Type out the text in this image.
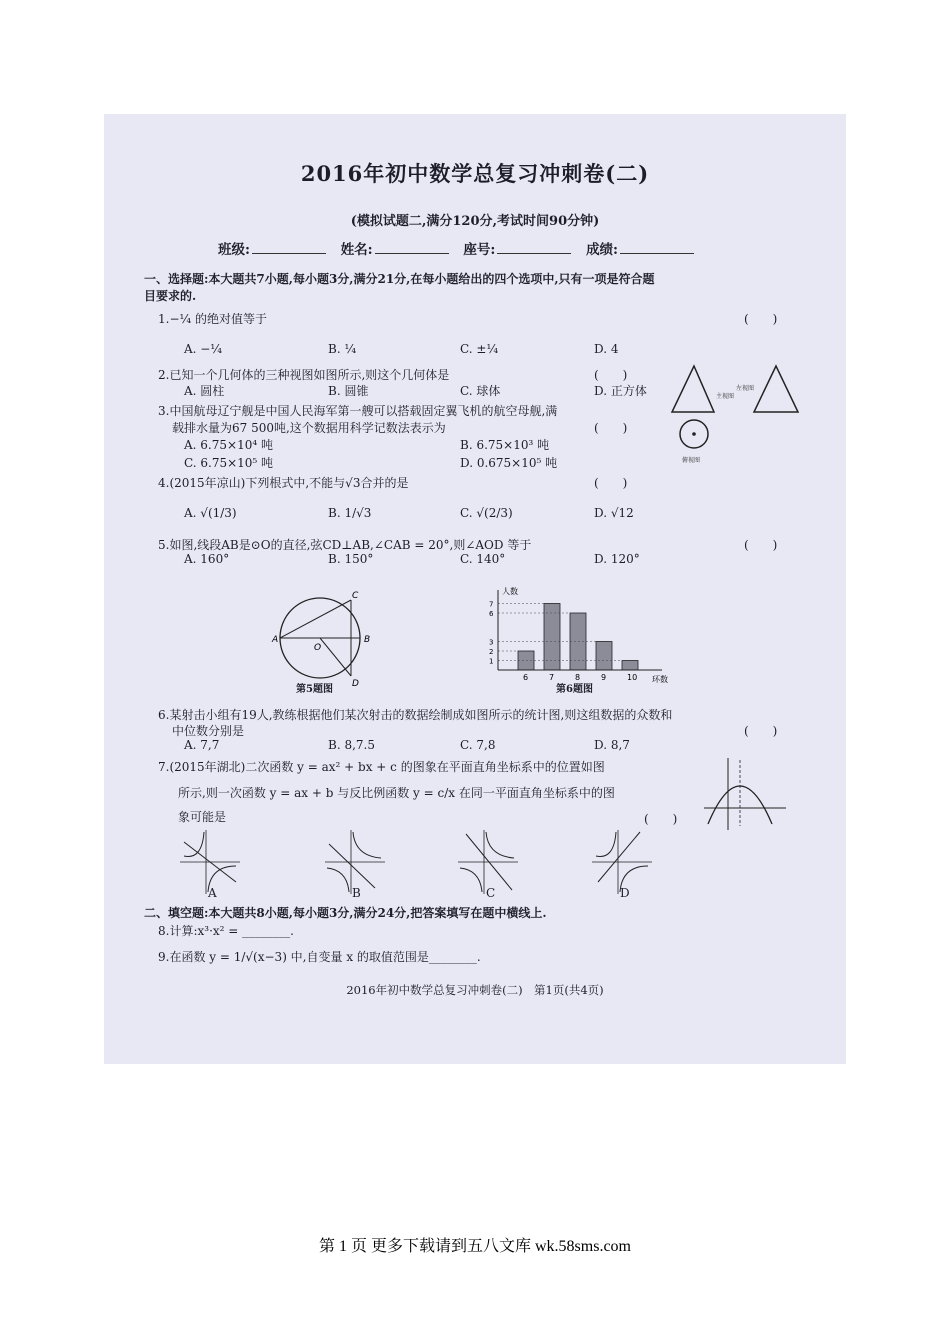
2016年初中数学总复习冲刺卷(二)
(模拟试题二,满分120分,考试时间90分钟)
班级:	姓名:	座号:	成绩:
一、选择题:本大题共7小题,每小题3分,满分21分,在每小题给出的四个选项中,只有一项是符合题
目要求的.
1.−¼ 的绝对值等于	(　　)
A. −¼	B. ¼	C. ±¼	D. 4
2.已知一个几何体的三种视图如图所示,则这个几何体是	(　　)
A. 圆柱	B. 圆锥	C. 球体	D. 正方体	主视图
左视图
俯视图
3.中国航母辽宁舰是中国人民海军第一艘可以搭载固定翼飞机的航空母舰,满
载排水量为67 500吨,这个数据用科学记数法表示为	(　　)
A. 6.75×10⁴ 吨	B. 6.75×10³ 吨
C. 6.75×10⁵ 吨	D. 0.675×10⁵ 吨
4.(2015年凉山)下列根式中,不能与√3合并的是	(　　)
A. √(1/3)	B. 1/√3	C. √(2/3)	D. √12
5.如图,线段AB是⊙O的直径,弦CD⊥AB,∠CAB = 20°,则∠AOD 等于	(　　)
A. 160°	B. 150°	C. 140°	D. 120°
A	B
C
D
O
第5题图
6	7	8	9	10
1
2
3
6
7
人数
环数
第6题图
6.某射击小组有19人,教练根据他们某次射击的数据绘制成如图所示的统计图,则这组数据的众数和
中位数分别是	(　　)
A. 7,7	B. 8,7.5	C. 7,8	D. 8,7
7.(2015年湖北)二次函数 y = ax² + bx + c 的图象在平面直角坐标系中的位置如图
所示,则一次函数 y = ax + b 与反比例函数 y = c/x 在同一平面直角坐标系中的图
象可能是	(　　)
A	B	C	D
二、填空题:本大题共8小题,每小题3分,满分24分,把答案填写在题中横线上.
8.计算:x³·x² = ________.
9.在函数 y = 1/√(x−3) 中,自变量 x 的取值范围是________.
2016年初中数学总复习冲刺卷(二)　第1页(共4页)
第 1 页 更多下载请到五八文库 wk.58sms.com
